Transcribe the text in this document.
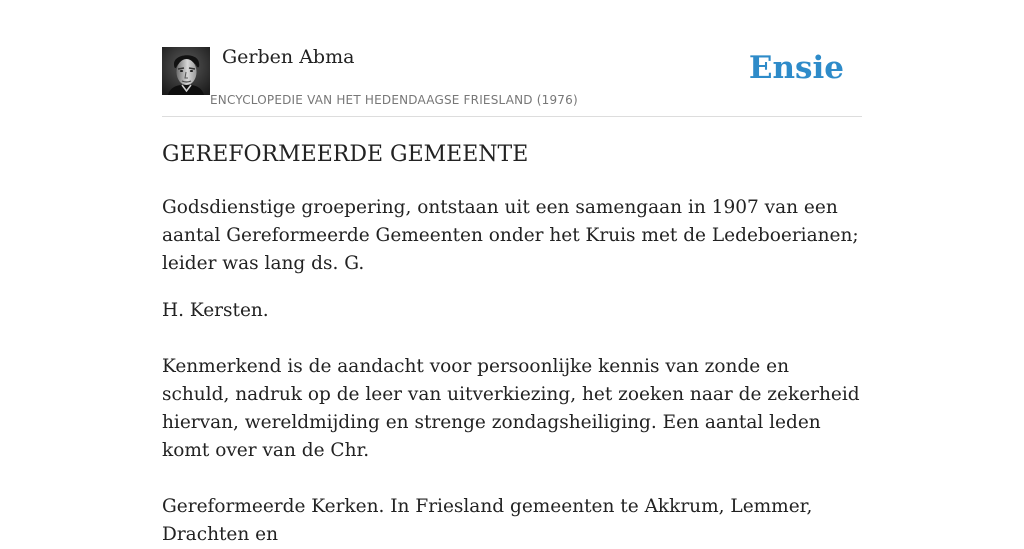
Gerben Abma
ENCYCLOPEDIE VAN HET HEDENDAAGSE FRIESLAND (1976)
Ensie
GEREFORMEERDE GEMEENTE

Godsdienstige groepering, ontstaan uit een samengaan in 1907 van een aantal Gereformeerde Gemeenten onder het Kruis met de Ledeboerianen; leider was lang ds. G.

H. Kersten.

Kenmerkend is de aandacht voor persoonlijke kennis van zonde en schuld, nadruk op de leer van uitverkiezing, het zoeken naar de zekerheid hiervan, wereldmijding en strenge zondagsheiliging. Een aantal leden komt over van de Chr.

Gereformeerde Kerken. In Friesland gemeenten te Akkrum, Lemmer, Drachten en
